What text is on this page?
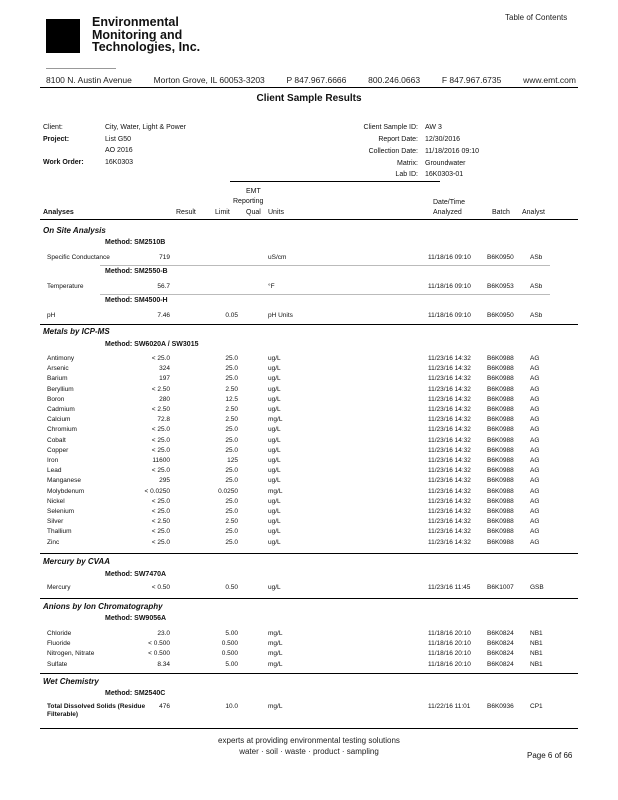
Environmental
Monitoring and
Technologies, Inc.
Table of Contents
8100 N. Austin Avenue	Morton Grove, IL 60053-3203	P 847.967.6666	800.246.0663	F 847.967.6735	www.emt.com
Client Sample Results
Client:	City, Water, Light & Power
Project:	List G50
AO 2016
Work Order:	16K0303
Client Sample ID: AW 3
Report Date: 12/30/2016
Collection Date: 11/18/2016 09:10
Matrix: Groundwater
Lab ID: 16K0303-01
EMT
Reporting
Analyses	Result	Limit Qual Units
Date/Time
Analyzed	Batch Analyst
On Site Analysis
Method: SM2510B
Specific Conductance	719	uS/cm	11/18/16 09:10 B6K0950	ASb
Method: SM2550-B
Temperature	56.7	°F	11/18/16 09:10 B6K0953	ASb
Method: SM4500-H
pH	7.46	0.05	pH Units	11/18/16 09:10 B6K0950	ASb
Metals by ICP-MS
Method: SW6020A / SW3015
Antimony	< 25.0	25.0	ug/L	11/23/16 14:32 B6K0988	AG
Arsenic	324	25.0	ug/L	11/23/16 14:32 B6K0988	AG
Barium	197	25.0	ug/L	11/23/16 14:32 B6K0988	AG
Beryllium	< 2.50	2.50	ug/L	11/23/16 14:32 B6K0988	AG
Boron	280	12.5	ug/L	11/23/16 14:32 B6K0988	AG
Cadmium	< 2.50	2.50	ug/L	11/23/16 14:32 B6K0988	AG
Calcium	72.8	2.50	mg/L	11/23/16 14:32 B6K0988	AG
Chromium	< 25.0	25.0	ug/L	11/23/16 14:32 B6K0988	AG
Cobalt	< 25.0	25.0	ug/L	11/23/16 14:32 B6K0988	AG
Copper	< 25.0	25.0	ug/L	11/23/16 14:32 B6K0988	AG
Iron	11600	125	ug/L	11/23/16 14:32 B6K0988	AG
Lead	< 25.0	25.0	ug/L	11/23/16 14:32 B6K0988	AG
Manganese	295	25.0	ug/L	11/23/16 14:32 B6K0988	AG
Molybdenum	< 0.0250	0.0250	mg/L	11/23/16 14:32 B6K0988	AG
Nickel	< 25.0	25.0	ug/L	11/23/16 14:32 B6K0988	AG
Selenium	< 25.0	25.0	ug/L	11/23/16 14:32 B6K0988	AG
Silver	< 2.50	2.50	ug/L	11/23/16 14:32 B6K0988	AG
Thallium	< 25.0	25.0	ug/L	11/23/16 14:32 B6K0988	AG
Zinc	< 25.0	25.0	ug/L	11/23/16 14:32 B6K0988	AG
Mercury by CVAA
Method: SW7470A
Mercury	< 0.50	0.50	ug/L	11/23/16 11:45	B6K1007	GSB
Anions by Ion Chromatography
Method: SW9056A
Chloride	23.0	5.00	mg/L	11/18/16 20:10 B6K0824	NB1
Fluoride	< 0.500	0.500	mg/L	11/18/16 20:10 B6K0824	NB1
Nitrogen, Nitrate	< 0.500	0.500	mg/L	11/18/16 20:10 B6K0824	NB1
Sulfate	8.34	5.00	mg/L	11/18/16 20:10 B6K0824	NB1
Wet Chemistry
Method: SM2540C
Total Dissolved Solids (Residue Filterable)
476	10.0	mg/L	11/22/16 11:01	B6K0936	CP1
experts at providing environmental testing solutions
water · soil · waste · product · sampling	Page 6 of 66
